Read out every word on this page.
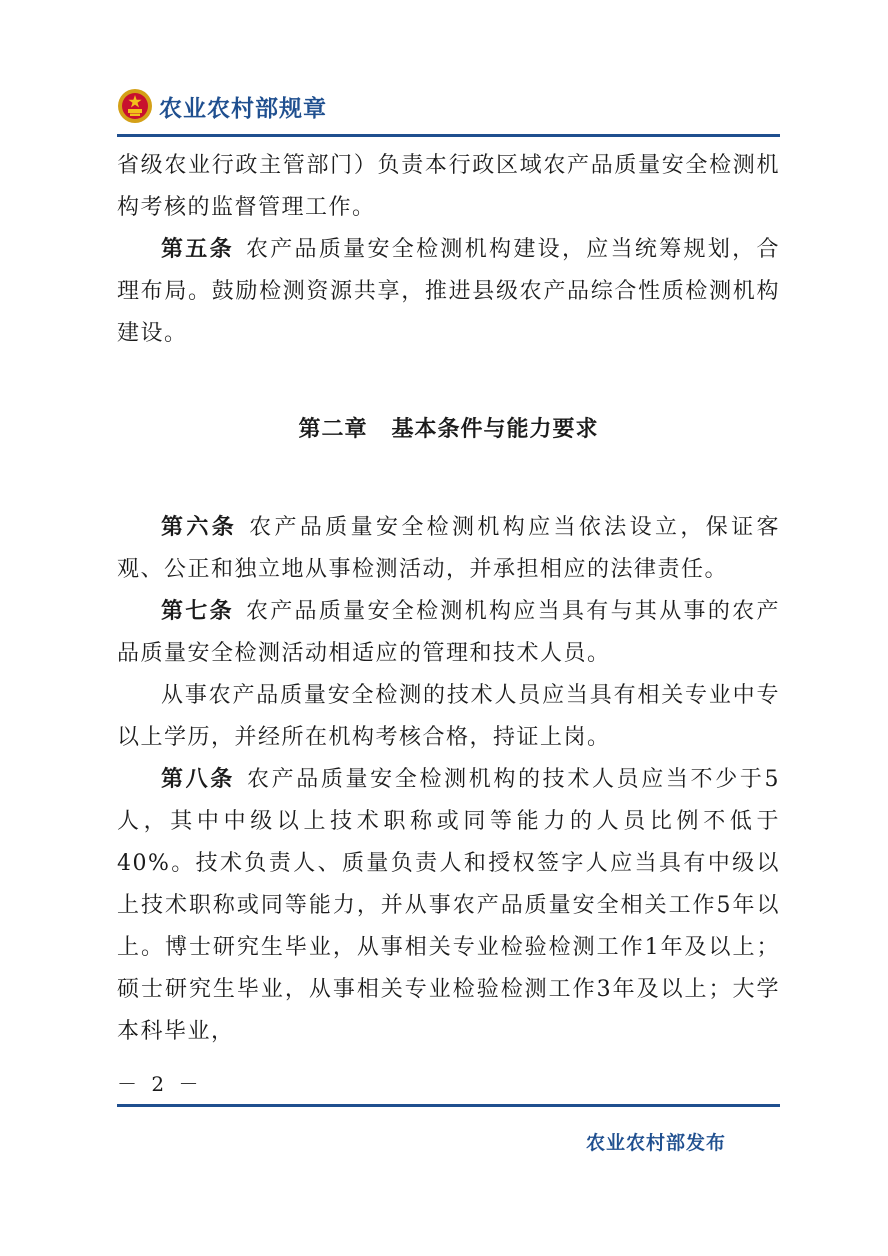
农业农村部规章

省级农业行政主管部门）负责本行政区域农产品质量安全检测机构考核的监督管理工作。

第五条 农产品质量安全检测机构建设，应当统筹规划，合理布局。鼓励检测资源共享，推进县级农产品综合性质检测机构建设。

第二章 基本条件与能力要求

第六条 农产品质量安全检测机构应当依法设立，保证客观、公正和独立地从事检测活动，并承担相应的法律责任。

第七条 农产品质量安全检测机构应当具有与其从事的农产品质量安全检测活动相适应的管理和技术人员。

从事农产品质量安全检测的技术人员应当具有相关专业中专以上学历，并经所在机构考核合格，持证上岗。

第八条 农产品质量安全检测机构的技术人员应当不少于5人，其中中级以上技术职称或同等能力的人员比例不低于40%。技术负责人、质量负责人和授权签字人应当具有中级以上技术职称或同等能力，并从事农产品质量安全相关工作5年以上。博士研究生毕业，从事相关专业检验检测工作1年及以上；硕士研究生毕业，从事相关专业检验检测工作3年及以上；大学本科毕业，

－ 2 －
农业农村部发布
